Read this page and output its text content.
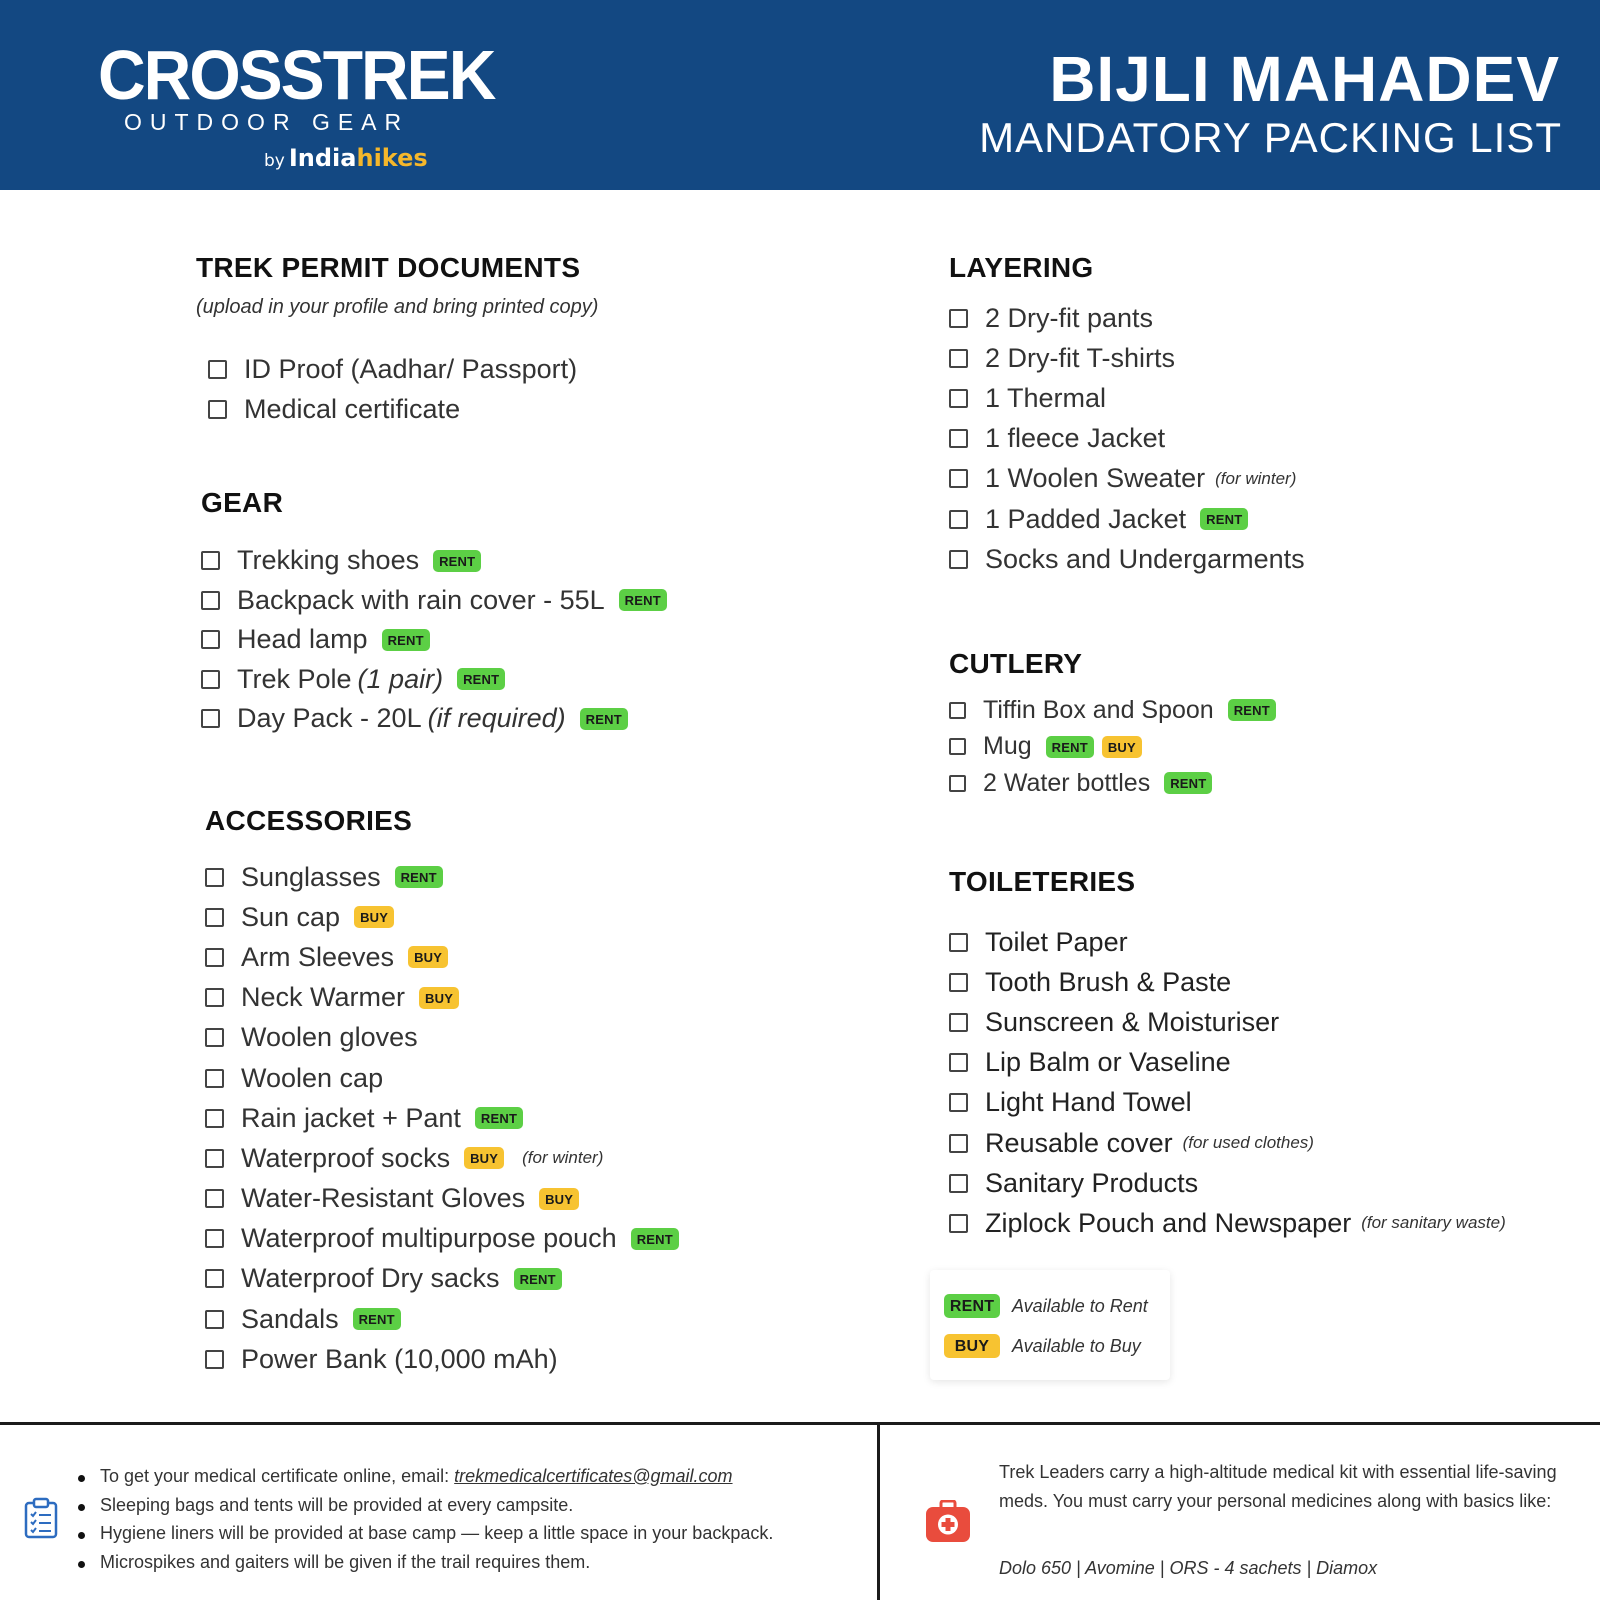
CROSSTREK
OUTDOOR GEAR
by Indiahikes
BIJLI MAHADEV
MANDATORY PACKING LIST
TREK PERMIT DOCUMENTS
(upload in your profile and bring printed copy)
ID Proof (Aadhar/ Passport)
Medical certificate
GEAR
Trekking shoes	RENT
Backpack with rain cover - 55L	RENT
Head lamp	RENT
Trek Pole (1 pair)	RENT
Day Pack - 20L (if required)	RENT
ACCESSORIES
Sunglasses	RENT
Sun cap	BUY
Arm Sleeves	BUY
Neck Warmer	BUY
Woolen gloves
Woolen cap
Rain jacket + Pant	RENT
Waterproof socks	BUY	(for winter)
Water-Resistant Gloves	BUY
Waterproof multipurpose pouch	RENT
Waterproof Dry sacks	RENT
Sandals	RENT
Power Bank (10,000 mAh)
LAYERING
2 Dry-fit pants
2 Dry-fit T-shirts
1 Thermal
1 fleece Jacket
1 Woolen Sweater (for winter)
1 Padded Jacket	RENT
Socks and Undergarments
CUTLERY
Tiffin Box and Spoon	RENT
Mug	RENT	BUY
2 Water bottles	RENT
TOILETERIES
Toilet Paper
Tooth Brush & Paste
Sunscreen & Moisturiser
Lip Balm or Vaseline
Light Hand Towel
Reusable cover (for used clothes)
Sanitary Products
Ziplock Pouch and Newspaper (for sanitary waste)
RENT Available to Rent
BUY	Available to Buy
To get your medical certificate online, email: trekmedicalcertificates@gmail.com
Sleeping bags and tents will be provided at every campsite.
Hygiene liners will be provided at base camp — keep a little space in your backpack.
Microspikes and gaiters will be given if the trail requires them.
Trek Leaders carry a high-altitude medical kit with essential life-saving meds. You must carry your personal medicines along with basics like:
Dolo 650 | Avomine | ORS - 4 sachets | Diamox
